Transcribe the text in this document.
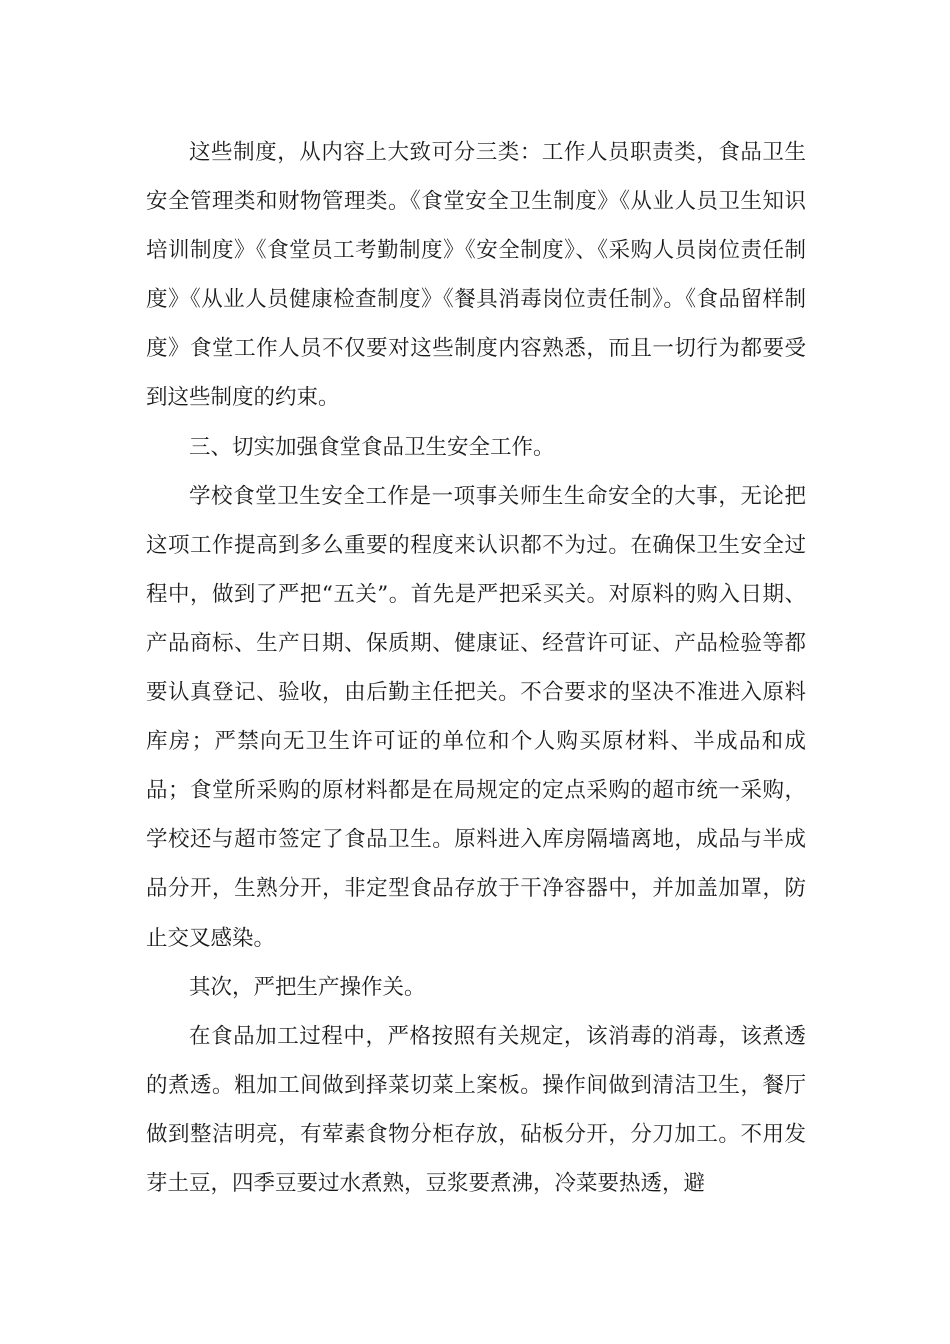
这些制度，从内容上大致可分三类：工作人员职责类，食品卫生安全管理类和财物管理类。《食堂安全卫生制度》《从业人员卫生知识培训制度》《食堂员工考勤制度》《安全制度》、《采购人员岗位责任制度》《从业人员健康检查制度》《餐具消毒岗位责任制》。《食品留样制度》食堂工作人员不仅要对这些制度内容熟悉，而且一切行为都要受到这些制度的约束。

三、切实加强食堂食品卫生安全工作。

学校食堂卫生安全工作是一项事关师生生命安全的大事，无论把这项工作提高到多么重要的程度来认识都不为过。在确保卫生安全过程中，做到了严把“五关”。首先是严把采买关。对原料的购入日期、产品商标、生产日期、保质期、健康证、经营许可证、产品检验等都要认真登记、验收，由后勤主任把关。不合要求的坚决不准进入原料库房；严禁向无卫生许可证的单位和个人购买原材料、半成品和成品；食堂所采购的原材料都是在局规定的定点采购的超市统一采购，学校还与超市签定了食品卫生。原料进入库房隔墙离地，成品与半成品分开，生熟分开，非定型食品存放于干净容器中，并加盖加罩，防止交叉感染。

其次，严把生产操作关。

在食品加工过程中，严格按照有关规定，该消毒的消毒，该煮透的煮透。粗加工间做到择菜切菜上案板。操作间做到清洁卫生，餐厅做到整洁明亮，有荤素食物分柜存放，砧板分开，分刀加工。不用发芽土豆，四季豆要过水煮熟，豆浆要煮沸，冷菜要热透，避
